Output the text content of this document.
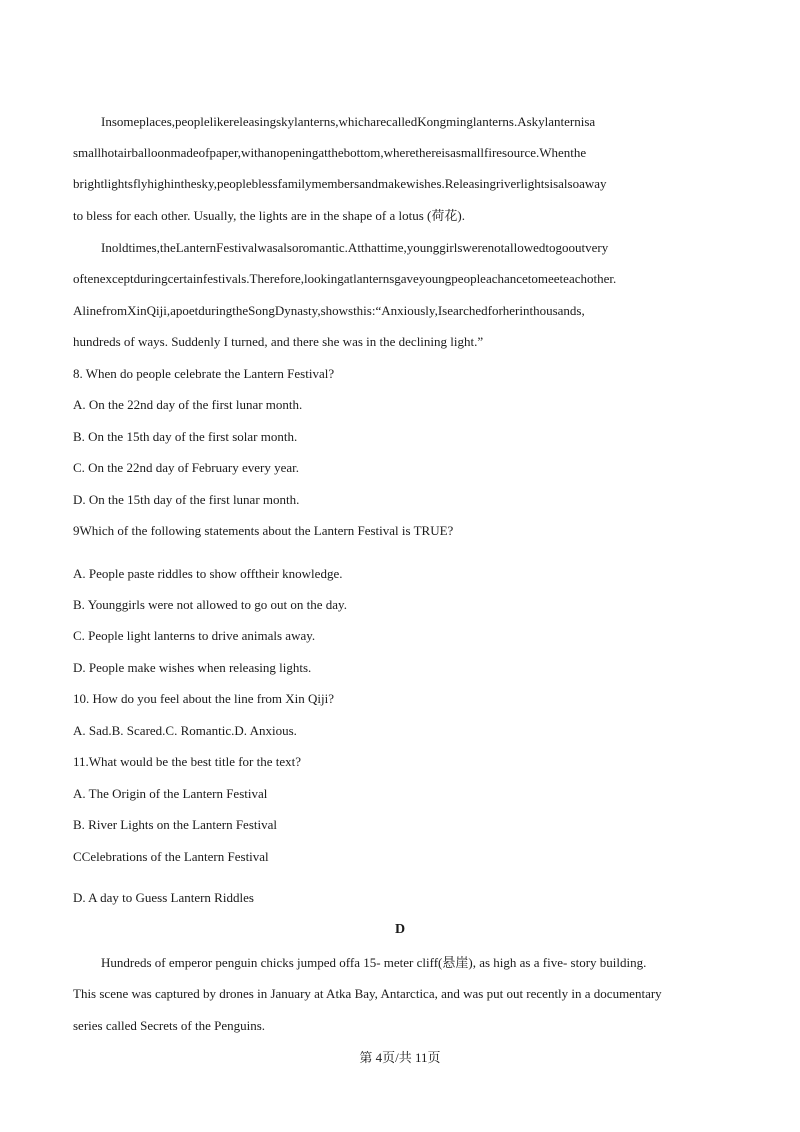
Insomeplaces,peoplelikereleasingskylanterns,whicharecalledKongminglanterns.Askylanternisa

smallhotairballoonmadeofpaper,withanopeningatthebottom,wherethereisasmallfiresource.Whenthe

brightlightsflyhighinthesky,peopleblessfamilymembersandmakewishes.Releasingriverlightsisalsoaway

to bless for each other. Usually, the lights are in the shape of a lotus (荷花).

Inoldtimes,theLanternFestivalwasalsoromantic.Atthattime,younggirlswerenotallowedtogooutvery

oftenexceptduringcertainfestivals.Therefore,lookingatlanternsgaveyoungpeopleachancetomeeteachother.

AlinefromXinQiji,apoetduringtheSongDynasty,showsthis:“Anxiously,Isearchedforherinthousands,

hundreds of ways. Suddenly I turned, and there she was in the declining light.”

8. When do people celebrate the Lantern Festival?

A. On the 22nd day of the first lunar month.

B. On the 15th day of the first solar month.

C. On the 22nd day of February every year.

D. On the 15th day of the first lunar month.

9Which of the following statements about the Lantern Festival is TRUE?

A. People paste riddles to show offtheir knowledge.

B. Younggirls were not allowed to go out on the day.

C. People light lanterns to drive animals away.

D. People make wishes when releasing lights.

10. How do you feel about the line from Xin Qiji?

A. Sad.B. Scared.C. Romantic.D. Anxious.

11.What would be the best title for the text?

A. The Origin of the Lantern Festival

B. River Lights on the Lantern Festival

CCelebrations of the Lantern Festival

D. A day to Guess Lantern Riddles

D

Hundreds of emperor penguin chicks jumped offa 15- meter cliff(悬崖), as high as a five- story building.

This scene was captured by drones in January at Atka Bay, Antarctica, and was put out recently in a documentary

series called Secrets of the Penguins.

第 4页/共 11页
